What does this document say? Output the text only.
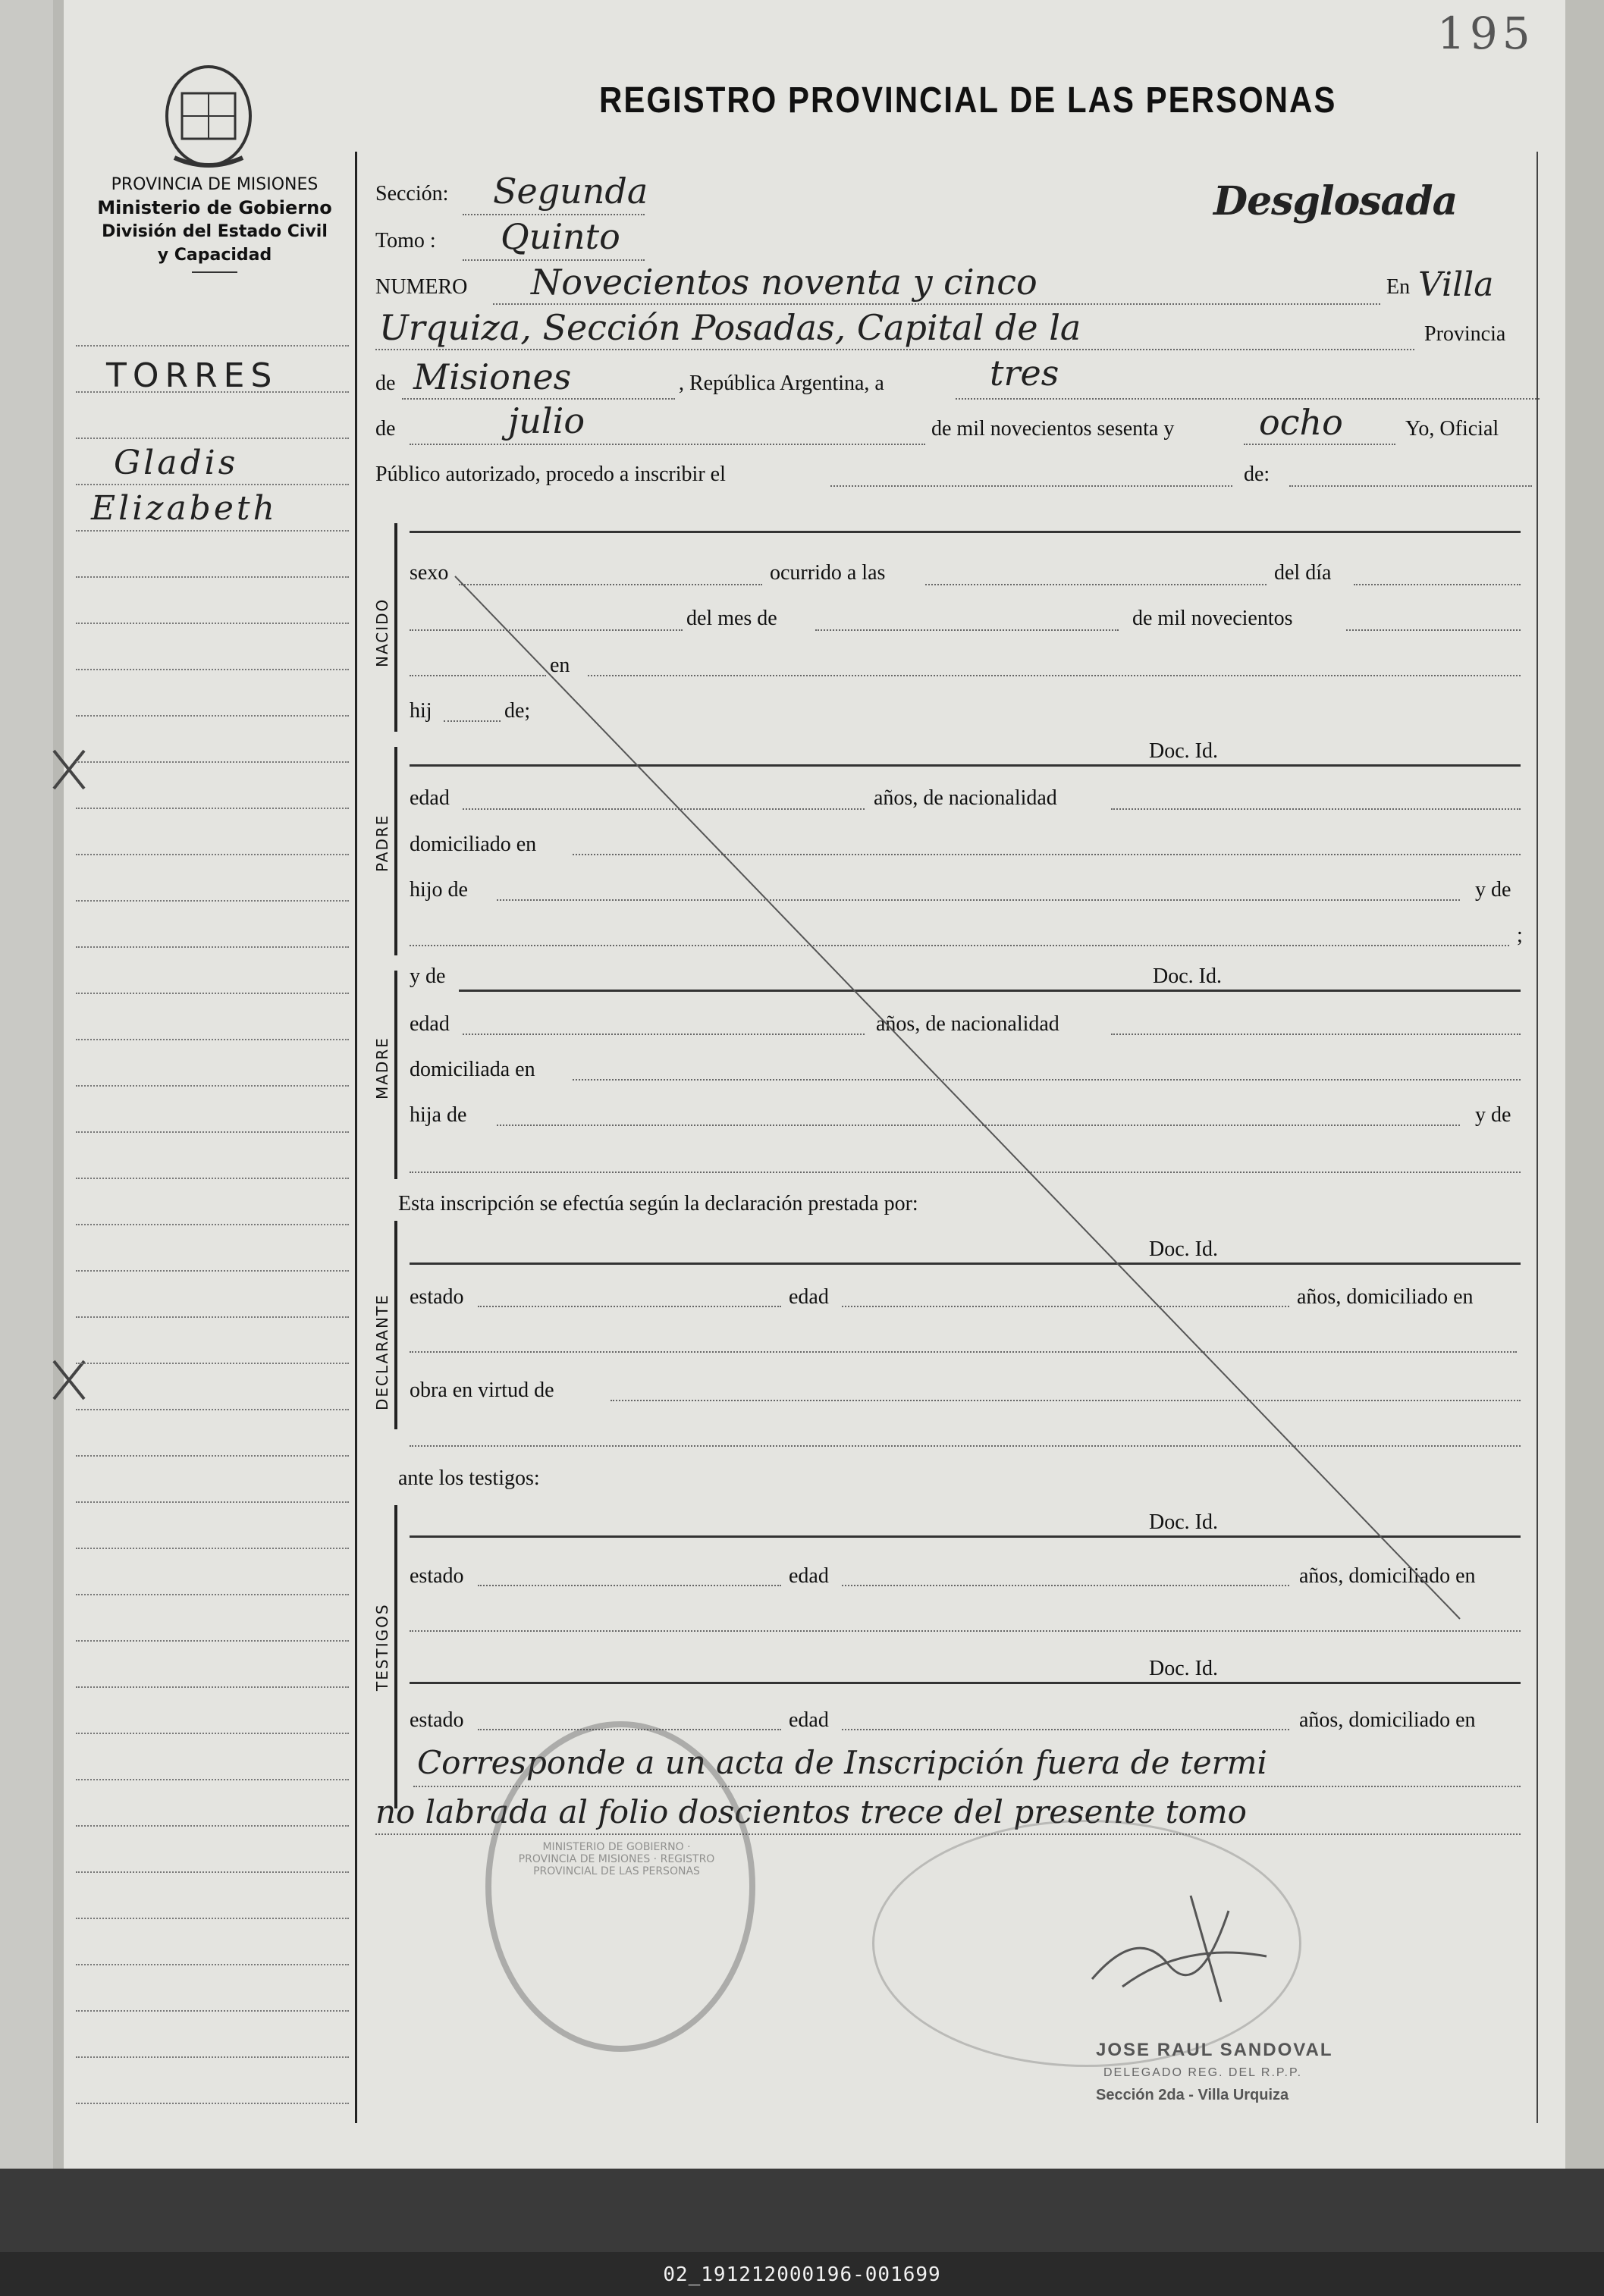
195
REGISTRO PROVINCIAL DE LAS PERSONAS
PROVINCIA DE MISIONES
Ministerio de Gobierno
División del Estado Civil
y Capacidad
TORRES
Gladis
Elizabeth
Sección: Segunda	Desglosada
Tomo : Quinto
NUMERO Novecientos noventa y cinco	En Villa
Urquiza, Sección Posadas, Capital de la	Provincia
de Misiones	, República Argentina, a	tres
de	julio	de mil novecientos sesenta y ocho	Yo, Oficial
Público autorizado, procedo a inscribir el	de:
NACIDO
sexo	ocurrido a las	del día
del mes de	de mil novecientos
en
hij	de;
PADRE
Doc. Id.
edad	años, de nacionalidad
domiciliado en
hijo de	y de
;
MADRE
y de	Doc. Id.
edad	años, de nacionalidad
domiciliada en
hija de	y de
Esta inscripción se efectúa según la declaración prestada por:
DECLARANTE
Doc. Id.
estado	edad	años, domiciliado en
obra en virtud de
ante los testigos:
TESTIGOS
Doc. Id.
estado	edad	años, domiciliado en
Doc. Id.
estado	edad	años, domiciliado en
Corresponde a un acta de Inscripción fuera de termi
no labrada al folio doscientos trece del presente tomo
MINISTERIO DE GOBIERNO · PROVINCIA DE MISIONES · REGISTRO PROVINCIAL DE LAS PERSONAS
JOSE RAUL SANDOVAL
DELEGADO REG. DEL R.P.P.
Sección 2da - Villa Urquiza
02_191212000196-001699
